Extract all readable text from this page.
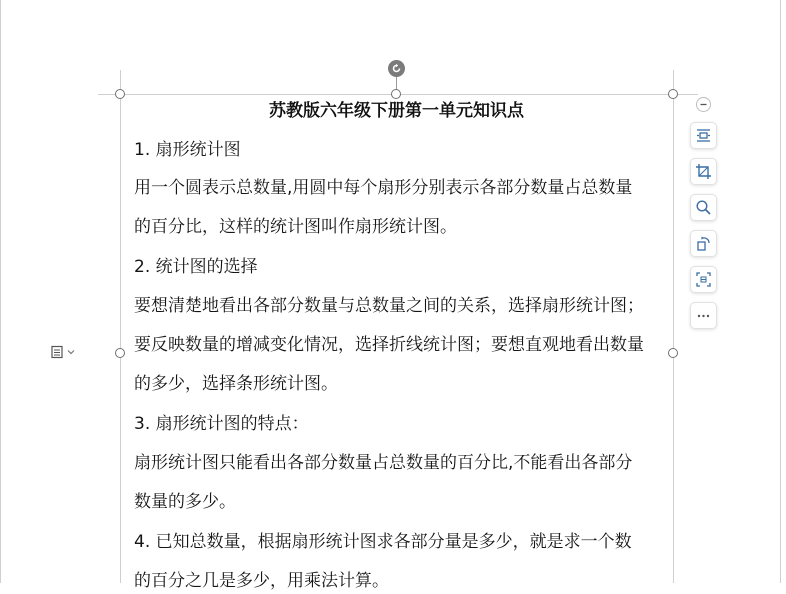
苏教版六年级下册第一单元知识点
1. 扇形统计图
用一个圆表示总数量,用圆中每个扇形分别表示各部分数量占总数量
的百分比，这样的统计图叫作扇形统计图。
2. 统计图的选择
要想清楚地看出各部分数量与总数量之间的关系，选择扇形统计图；
要反映数量的增减变化情况，选择折线统计图；要想直观地看出数量
的多少，选择条形统计图。
3. 扇形统计图的特点：
扇形统计图只能看出各部分数量占总数量的百分比,不能看出各部分
数量的多少。
4. 已知总数量，根据扇形统计图求各部分量是多少，就是求一个数
的百分之几是多少，用乘法计算。
